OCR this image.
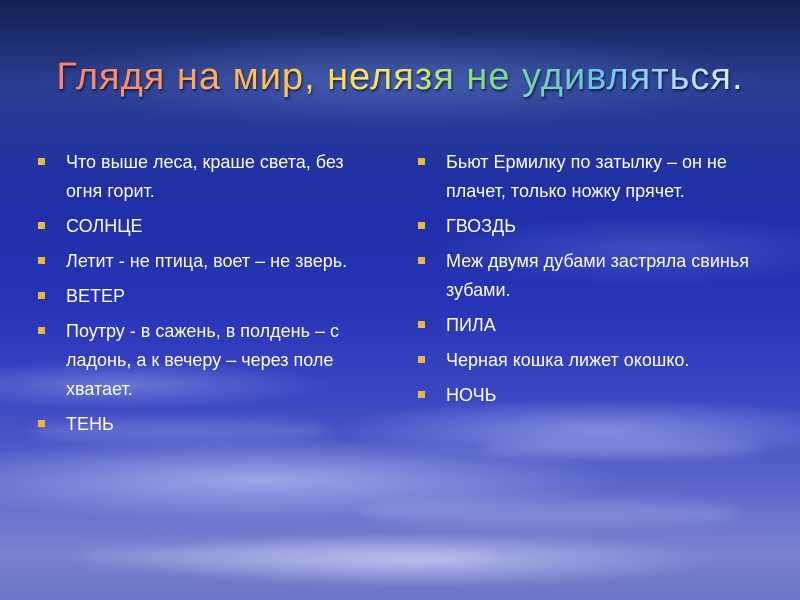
Глядя на мир, нелязя не удивляться.
Что выше леса, краше света, без огня горит.
СОЛНЦЕ
Летит - не птица, воет – не зверь.
ВЕТЕР
Поутру - в сажень, в полдень – с ладонь, а к вечеру – через поле хватает.
ТЕНЬ
Бьют Ермилку по затылку – он не плачет, только ножку прячет.
ГВОЗДЬ
Меж двумя дубами застряла свинья зубами.
ПИЛА
Черная кошка лижет окошко.
НОЧЬ
